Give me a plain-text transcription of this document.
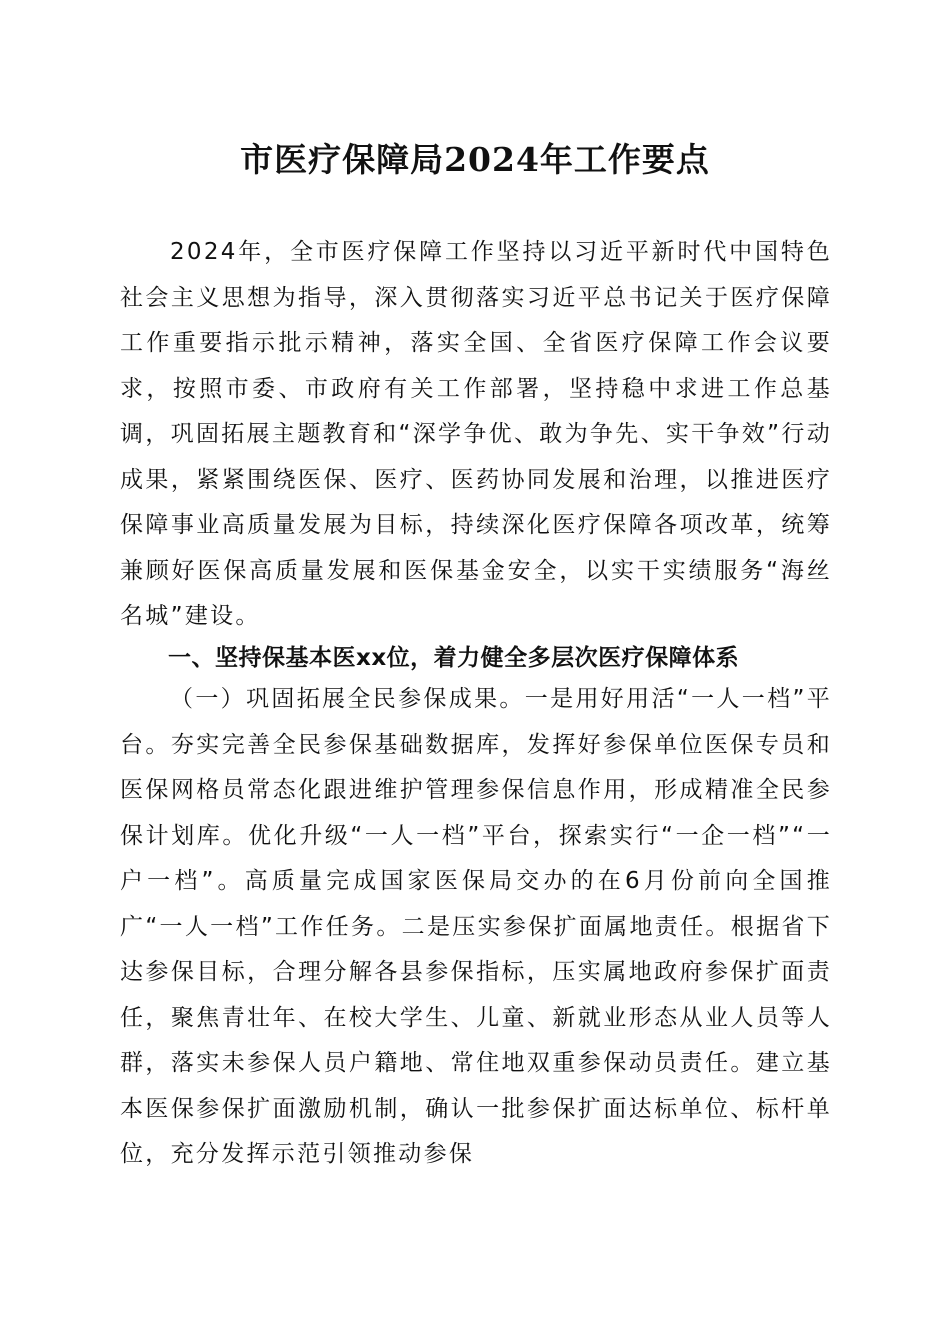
市医疗保障局2024年工作要点

2024年，全市医疗保障工作坚持以习近平新时代中国特色社会主义思想为指导，深入贯彻落实习近平总书记关于医疗保障工作重要指示批示精神，落实全国、全省医疗保障工作会议要求，按照市委、市政府有关工作部署，坚持稳中求进工作总基调，巩固拓展主题教育和“深学争优、敢为争先、实干争效”行动成果，紧紧围绕医保、医疗、医药协同发展和治理，以推进医疗保障事业高质量发展为目标，持续深化医疗保障各项改革，统筹兼顾好医保高质量发展和医保基金安全，以实干实绩服务“海丝名城”建设。

一、坚持保基本医xx位，着力健全多层次医疗保障体系

（一）巩固拓展全民参保成果。一是用好用活“一人一档”平台。夯实完善全民参保基础数据库，发挥好参保单位医保专员和医保网格员常态化跟进维护管理参保信息作用，形成精准全民参保计划库。优化升级“一人一档”平台，探索实行“一企一档”“一户一档”。高质量完成国家医保局交办的在6月份前向全国推广“一人一档”工作任务。二是压实参保扩面属地责任。根据省下达参保目标，合理分解各县参保指标，压实属地政府参保扩面责任，聚焦青壮年、在校大学生、儿童、新就业形态从业人员等人群，落实未参保人员户籍地、常住地双重参保动员责任。建立基本医保参保扩面激励机制，确认一批参保扩面达标单位、标杆单位，充分发挥示范引领推动参保
